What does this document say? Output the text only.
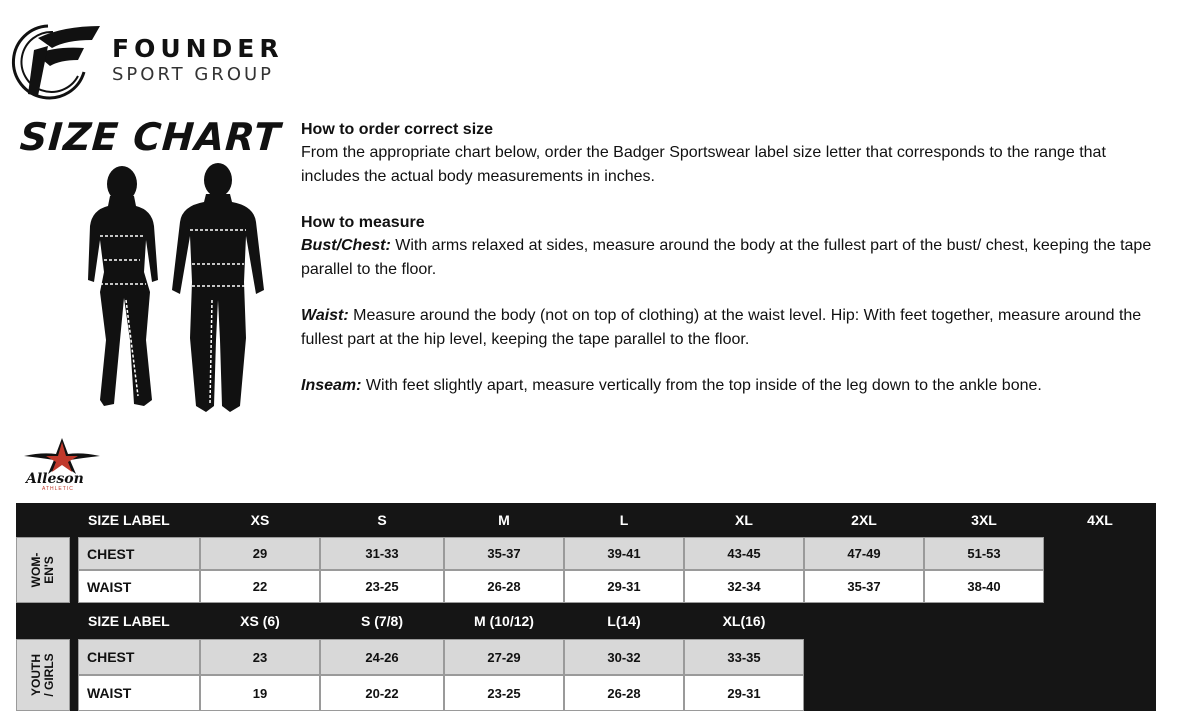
FOUNDER
SPORT GROUP
SIZE CHART How to order correct size

From the appropriate chart below, order the Badger Sportswear label size letter that corresponds to the range that includes the actual body measurements in inches.

How to measure

Bust/Chest: With arms relaxed at sides, measure around the body at the fullest part of the bust/ chest, keeping the tape parallel to the floor.

Waist: Measure around the body (not on top of clothing) at the waist level. Hip: With feet together, measure around the fullest part at the hip level, keeping the tape parallel to the floor.

Inseam: With feet slightly apart, measure vertically from the top inside of the leg down to the ankle bone.

Alleson
ATHLETIC
SIZE LABEL	XS	S	M	L	XL	2XL	3XL	4XL
WOM-
EN'S
CHEST	29	31-33	35-37	39-41	43-45	47-49	51-53
WAIST	22	23-25	26-28	29-31	32-34	35-37	38-40
SIZE LABEL	XS (6)	S (7/8)	M (10/12)	L(14)	XL(16)
YOUTH
/ GIRLS	CHEST	23	24-26	27-29	30-32	33-35
WAIST	19	20-22	23-25	26-28	29-31
